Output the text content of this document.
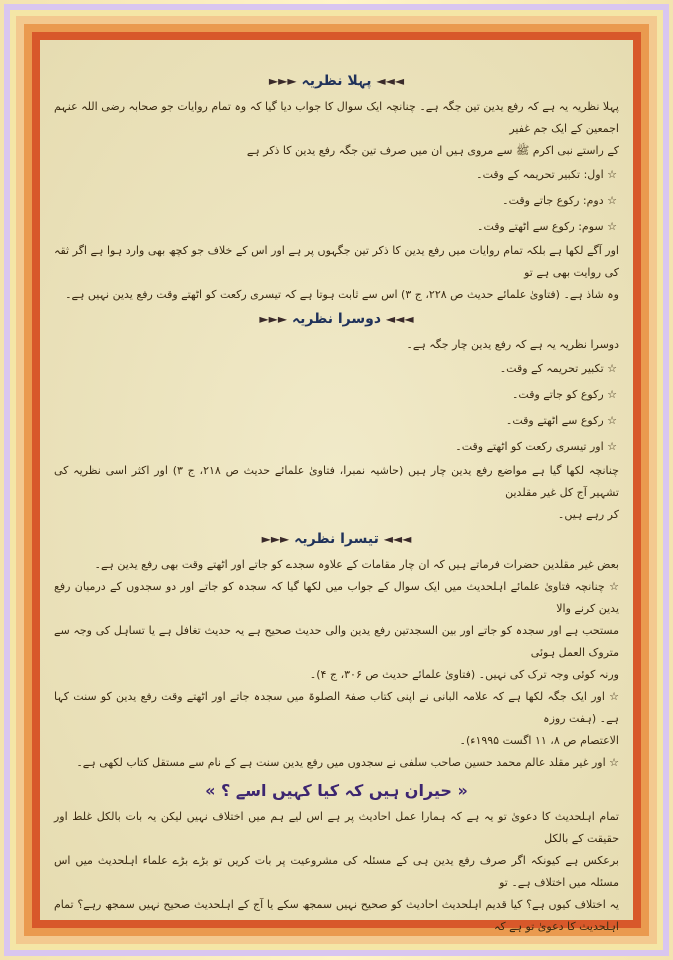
◄◄◄ پہلا نظریہ ►►►

پہلا نظریہ یہ ہے کہ رفع یدین تین جگہ ہے۔ چنانچہ ایک سوال کا جواب دیا گیا کہ وہ تمام روایات جو صحابہ رضی اللہ عنہم اجمعین کے ایک جم غفیر

کے راستے نبی اکرم ﷺ سے مروی ہیں ان میں صرف تین جگہ رفع یدین کا ذکر ہے

☆ اول: تکبیر تحریمہ کے وقت۔

☆ دوم: رکوع جاتے وقت۔

☆ سوم: رکوع سے اٹھتے وقت۔

اور آگے لکھا ہے بلکہ تمام روایات میں رفع یدین کا ذکر تین جگہوں پر ہے اور اس کے خلاف جو کچھ بھی وارد ہوا ہے اگر ثقہ کی روایت بھی ہے تو

وہ شاذ ہے۔ (فتاویٰ علمائے حدیث ص ۲۲۸، ج ۳) اس سے ثابت ہوتا ہے کہ تیسری رکعت کو اٹھتے وقت رفع یدین نہیں ہے۔

◄◄◄ دوسرا نظریہ ►►►

دوسرا نظریہ یہ ہے کہ رفع یدین چار جگہ ہے۔

☆ تکبیر تحریمہ کے وقت۔

☆ رکوع کو جاتے وقت۔

☆ رکوع سے اٹھتے وقت۔

☆ اور تیسری رکعت کو اٹھتے وقت۔

چنانچہ لکھا گیا ہے مواضع رفع یدین چار ہیں (حاشیہ نمبرا، فتاویٰ علمائے حدیث ص ۲۱۸، ج ۳) اور اکثر اسی نظریہ کی تشہیر آج کل غیر مقلدین

کر رہے ہیں۔

◄◄◄ تیسرا نظریہ ►►►

بعض غیر مقلدین حضرات فرماتے ہیں کہ ان چار مقامات کے علاوہ سجدے کو جاتے اور اٹھتے وقت بھی رفع یدین ہے۔

☆ چنانچہ فتاویٰ علمائے اہلحدیث میں ایک سوال کے جواب میں لکھا گیا کہ سجدہ کو جاتے اور دو سجدوں کے درمیان رفع یدین کرنے والا

مستحب ہے اور سجدہ کو جاتے اور بین السجدتین رفع یدین والی حدیث صحیح ہے یہ حدیث تغافل ہے یا تساہل کی وجہ سے متروک العمل ہوئی

ورنہ کوئی وجہ ترک کی نہیں۔ (فتاویٰ علمائے حدیث ص ۳۰۶، ج ۴)۔

☆ اور ایک جگہ لکھا ہے کہ علامہ البانی نے اپنی کتاب صفۃ الصلوۃ میں سجدہ جاتے اور اٹھتے وقت رفع یدین کو سنت کہا ہے۔ (ہفت روزہ

الاعتصام ص ۸، ۱۱ اگست ۱۹۹۵ء)۔

☆ اور غیر مقلد عالم محمد حسین صاحب سلفی نے سجدوں میں رفع یدین سنت ہے کے نام سے مستقل کتاب لکھی ہے۔

« حیران ہیں کہ کیا کہیں اسے ؟ »

تمام اہلحدیث کا دعویٰ تو یہ ہے کہ ہمارا عمل احادیث پر ہے اس لیے ہم میں اختلاف نہیں لیکن یہ بات بالکل غلط اور حقیقت کے بالکل

برعکس ہے کیونکہ اگر صرف رفع یدین ہی کے مسئلہ کی مشروعیت پر بات کریں تو بڑے بڑے علماء اہلحدیث میں اس مسئلہ میں اختلاف ہے۔ تو

یہ اختلاف کیوں ہے؟ کیا قدیم اہلحدیث احادیث کو صحیح نہیں سمجھ سکے یا آج کے اہلحدیث صحیح نہیں سمجھ رہے؟ تمام اہلحدیث کا دعویٰ تو ہے کہ
